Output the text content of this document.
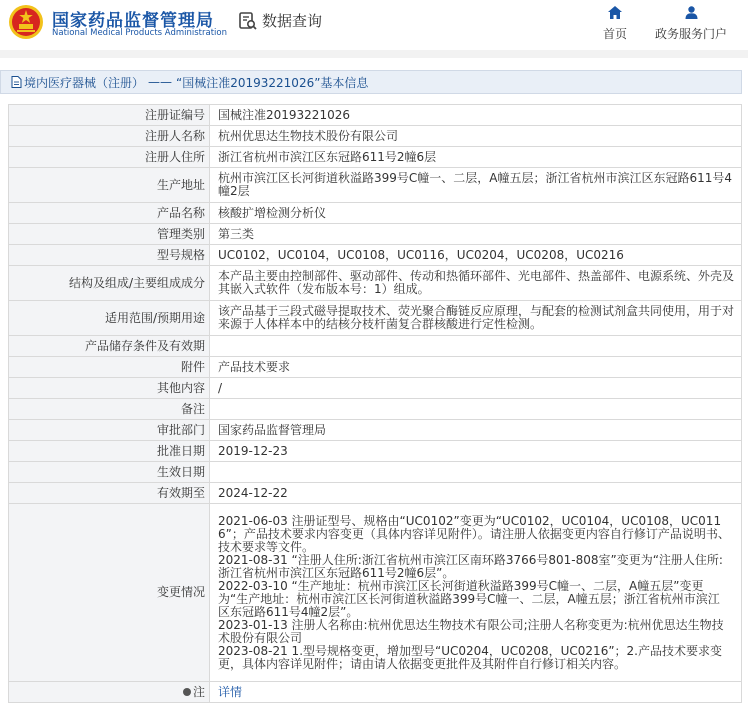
国家药品监督管理局
National Medical Products Administration
数据查询
首页 政务服务门户
境内医疗器械（注册） —— “国械注准20193221026”基本信息
注册证编号	国械注准20193221026
注册人名称	杭州优思达生物技术股份有限公司
注册人住所	浙江省杭州市滨江区东冠路611号2幢6层
生产地址	杭州市滨江区长河街道秋溢路399号C幢一、二层，A幢五层；浙江省杭州市滨江区东冠路611号4幢2层
产品名称	核酸扩增检测分析仪
管理类别	第三类
型号规格	UC0102，UC0104，UC0108，UC0116，UC0204，UC0208，UC0216
结构及组成/主要组成成分	本产品主要由控制部件、驱动部件、传动和热循环部件、光电部件、热盖部件、电源系统、外壳及其嵌入式软件（发布版本号：1）组成。
适用范围/预期用途	该产品基于三段式磁导提取技术、荧光聚合酶链反应原理，与配套的检测试剂盒共同使用，用于对来源于人体样本中的结核分枝杆菌复合群核酸进行定性检测。
产品储存条件及有效期	
附件	产品技术要求
其他内容	/
备注	
审批部门	国家药品监督管理局
批准日期	2019-12-23
生效日期	
有效期至	2024-12-22
变更情况	2021-06-03 注册证型号、规格由“UC0102”变更为“UC0102，UC0104，UC0108，UC0116”；产品技术要求内容变更（具体内容详见附件）。请注册人依据变更内容自行修订产品说明书、技术要求等文件。

2021-08-31 “注册人住所:浙江省杭州市滨江区南环路3766号801-808室”变更为“注册人住所:浙江省杭州市滨江区东冠路611号2幢6层”。

2022-03-10 “生产地址：杭州市滨江区长河街道秋溢路399号C幢一、二层，A幢五层”变更为“生产地址：杭州市滨江区长河街道秋溢路399号C幢一、二层，A幢五层；浙江省杭州市滨江区东冠路611号4幢2层”。

2023-01-13 注册人名称由:杭州优思达生物技术有限公司;注册人名称变更为:杭州优思达生物技术股份有限公司

2023-08-21 1.型号规格变更，增加型号“UC0204，UC0208，UC0216”；2.产品技术要求变更，具体内容详见附件；请由请人依据变更批件及其附件自行修订相关内容。

注	详情
